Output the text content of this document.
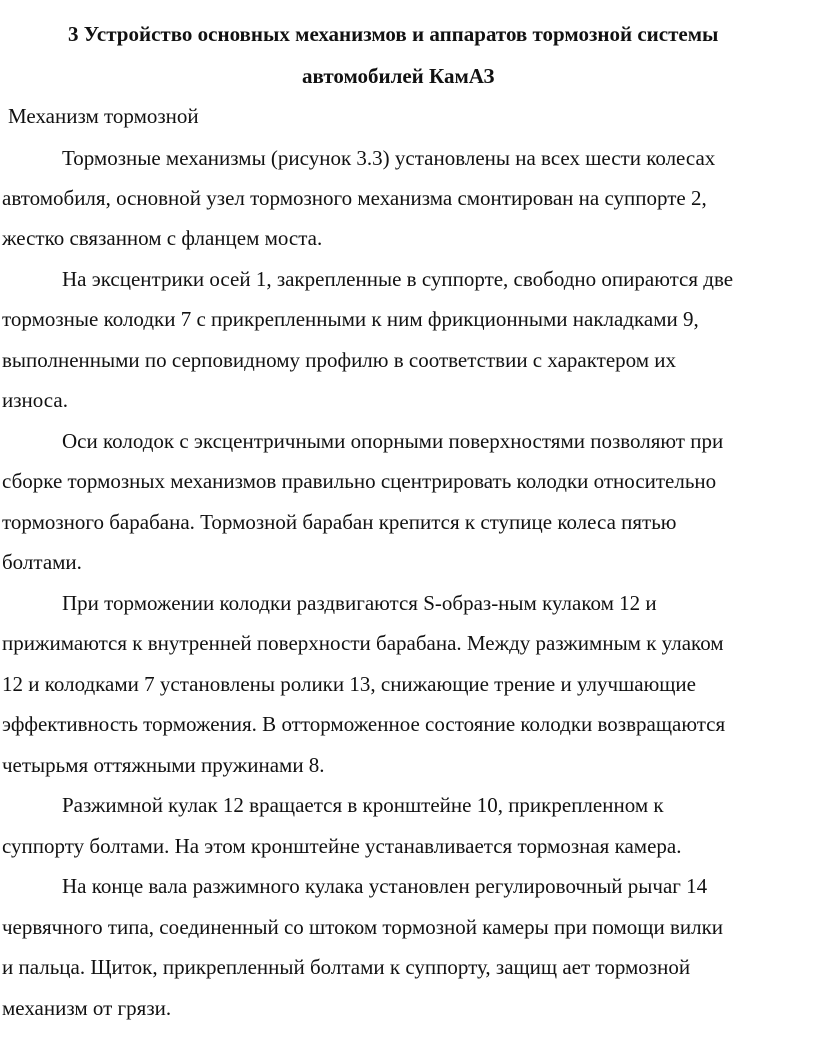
3 Устройство основных механизмов и аппаратов тормозной системы
автомобилей КамАЗ
Механизм тормозной
Тормозные механизмы (рисунок 3.3) установлены на всех шести колесах
автомобиля, основной узел тормозного механизма смонтирован на суппорте 2,
жестко связанном с фланцем моста.
На эксцентрики осей 1, закрепленные в суппорте, свободно опираются две
тормозные колодки 7 с прикрепленными к ним фрикционными накладками 9,
выполненными по серповидному профилю в соответствии с характером их
износа.
Оси колодок с эксцентричными опорными поверхностями позволяют при
сборке тормозных механизмов правильно сцентрировать колодки относительно
тормозного барабана. Тормозной барабан крепится к ступице колеса пятью
болтами.
При торможении колодки раздвигаются S-образ-ным кулаком 12 и
прижимаются к внутренней поверхности барабана. Между разжимным к улаком
12 и колодками 7 установлены ролики 13, снижающие трение и улучшающие
эффективность торможения. В отторможенное состояние колодки возвращаются
четырьмя оттяжными пружинами 8.
Разжимной кулак 12 вращается в кронштейне 10, прикрепленном к
суппорту болтами. На этом кронштейне устанавливается тормозная камера.
На конце вала разжимного кулака установлен регулировочный рычаг 14
червячного типа, соединенный со штоком тормозной камеры при помощи вилки
и пальца. Щиток, прикрепленный болтами к суппорту, защищ ает тормозной
механизм от грязи.
